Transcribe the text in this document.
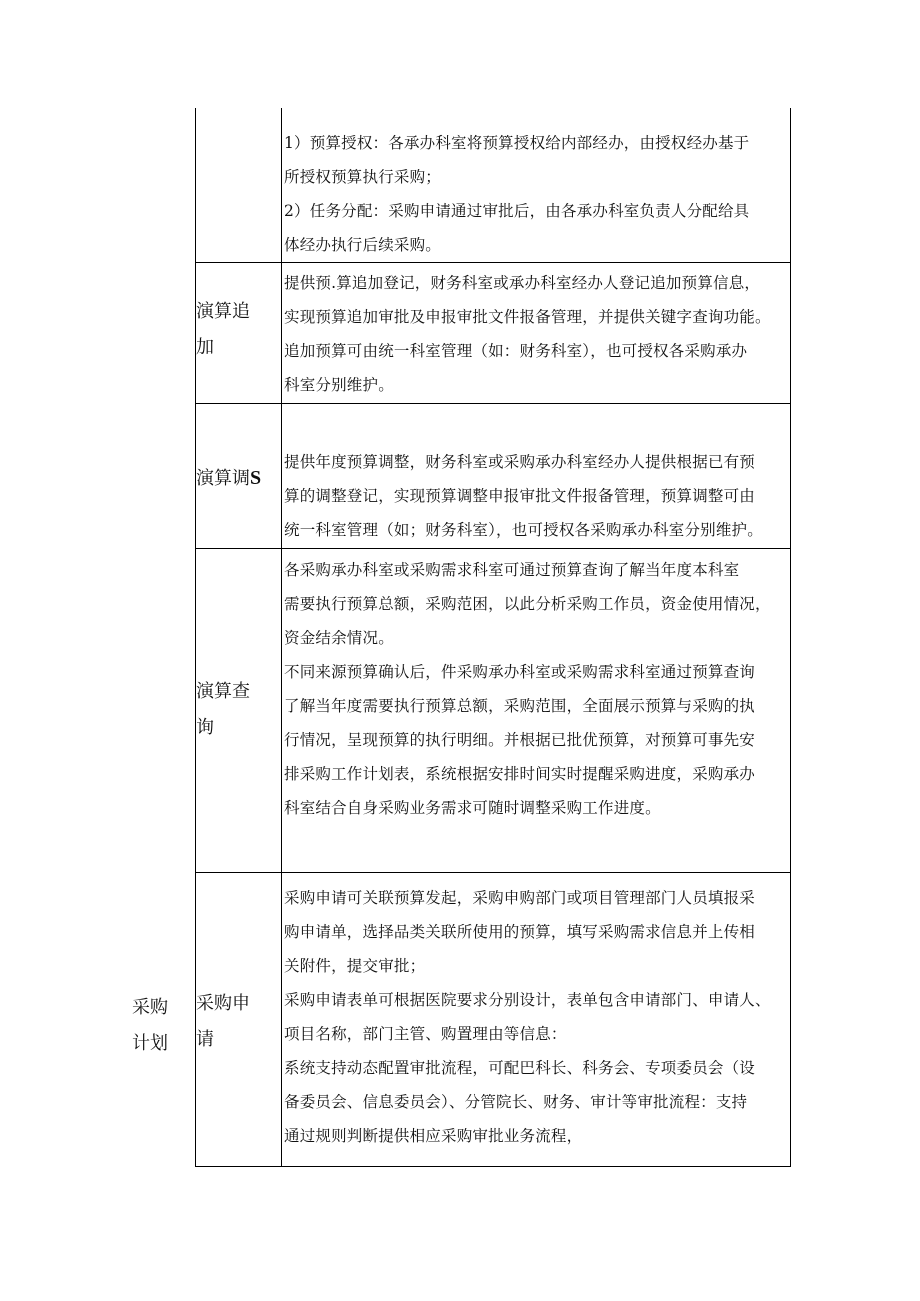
采购
计划

1）预算授权：各承办科室将预算授权给内部经办，由授权经办基于

所授权预算执行采购；

2）任务分配：采购申请通过审批后，由各承办科室负责人分配给具

体经办执行后续采购。

演算追
加

提供预.算追加登记，财务科室或承办科室经办人登记追加预算信息，

实现预算追加审批及申报审批文件报备管理，并提供关键字查询功能。

追加预算可由统一科室管理（如：财务科室），也可授权各采购承办

科室分别维护。

演算调S

提供年度预算调整，财务科室或采购承办科室经办人提供根据已有预

算的调整登记，实现预算调整申报审批文件报备管理，预算调整可由

统一科室管理（如；财务科室），也可授权各采购承办科室分别维护。

演算查
询

各采购承办科室或采购需求科室可通过预算查询了解当年度本科室

需要执行预算总额，采购范困，以此分析采购工作员，资金使用情况，

资金结余情况。

不同来源预算确认后，件采购承办科室或采购需求科室通过预算查询

了解当年度需要执行预算总额，采购范围，全面展示预算与采购的执

行情况，呈现预算的执行明细。并根据已批优预算，对预算可事先安

排采购工作计划表，系统根据安排时间实时提醒采购进度，采购承办

科室结合自身采购业务需求可随时调整采购工作进度。

采购申
请

采购申请可关联预算发起，采购申购部门或项目管理部门人员填报采

购申请单，选择品类关联所使用的预算，填写采购需求信息并上传相

关附件，提交审批；

采购申请表单可根据医院要求分别设计，表单包含申请部门、申请人、

项目名称，部门主管、购置理由等信息：

系统支持动态配置审批流程，可配巴科长、科务会、专项委员会（设

备委员会、信息委员会）、分管院长、财务、审计等审批流程：支持

通过规则判断提供相应采购审批业务流程，
